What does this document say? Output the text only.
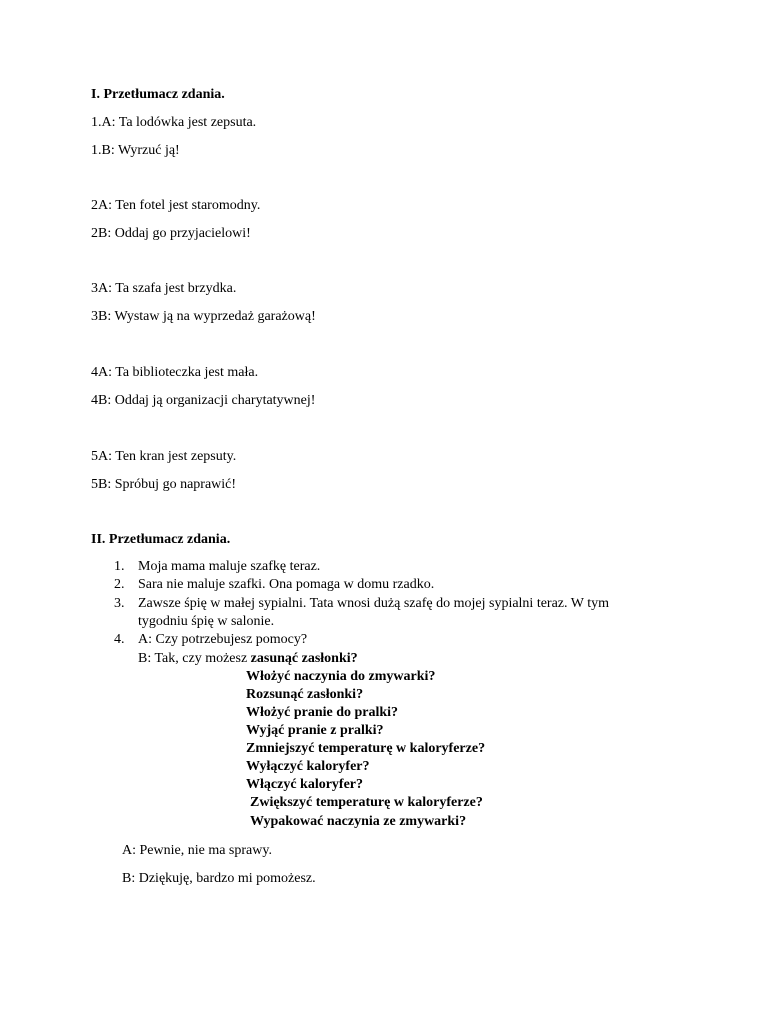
I. Przetłumacz zdania.
1.A: Ta lodówka jest zepsuta.
1.B: Wyrzuć ją!
2A: Ten fotel jest staromodny.
2B: Oddaj go przyjacielowi!
3A: Ta szafa jest brzydka.
3B: Wystaw ją na wyprzedaż garażową!
4A: Ta biblioteczka jest mała.
4B: Oddaj ją organizacji charytatywnej!
5A: Ten kran jest zepsuty.
5B: Spróbuj go naprawić!
II. Przetłumacz zdania.
1. Moja mama maluje szafkę teraz.
2. Sara nie maluje szafki. Ona pomaga w domu rzadko.
3. Zawsze śpię w małej sypialni. Tata wnosi dużą szafę do mojej sypialni teraz. W tym
tygodniu śpię w salonie.
4. A: Czy potrzebujesz pomocy?
B: Tak, czy możesz zasunąć zasłonki?
Włożyć naczynia do zmywarki?
Rozsunąć zasłonki?
Włożyć pranie do pralki?
Wyjąć pranie z pralki?
Zmniejszyć temperaturę w kaloryferze?
Wyłączyć kaloryfer?
Włączyć kaloryfer?
Zwiększyć temperaturę w kaloryferze?
Wypakować naczynia ze zmywarki?
A: Pewnie, nie ma sprawy.
B: Dziękuję, bardzo mi pomożesz.
